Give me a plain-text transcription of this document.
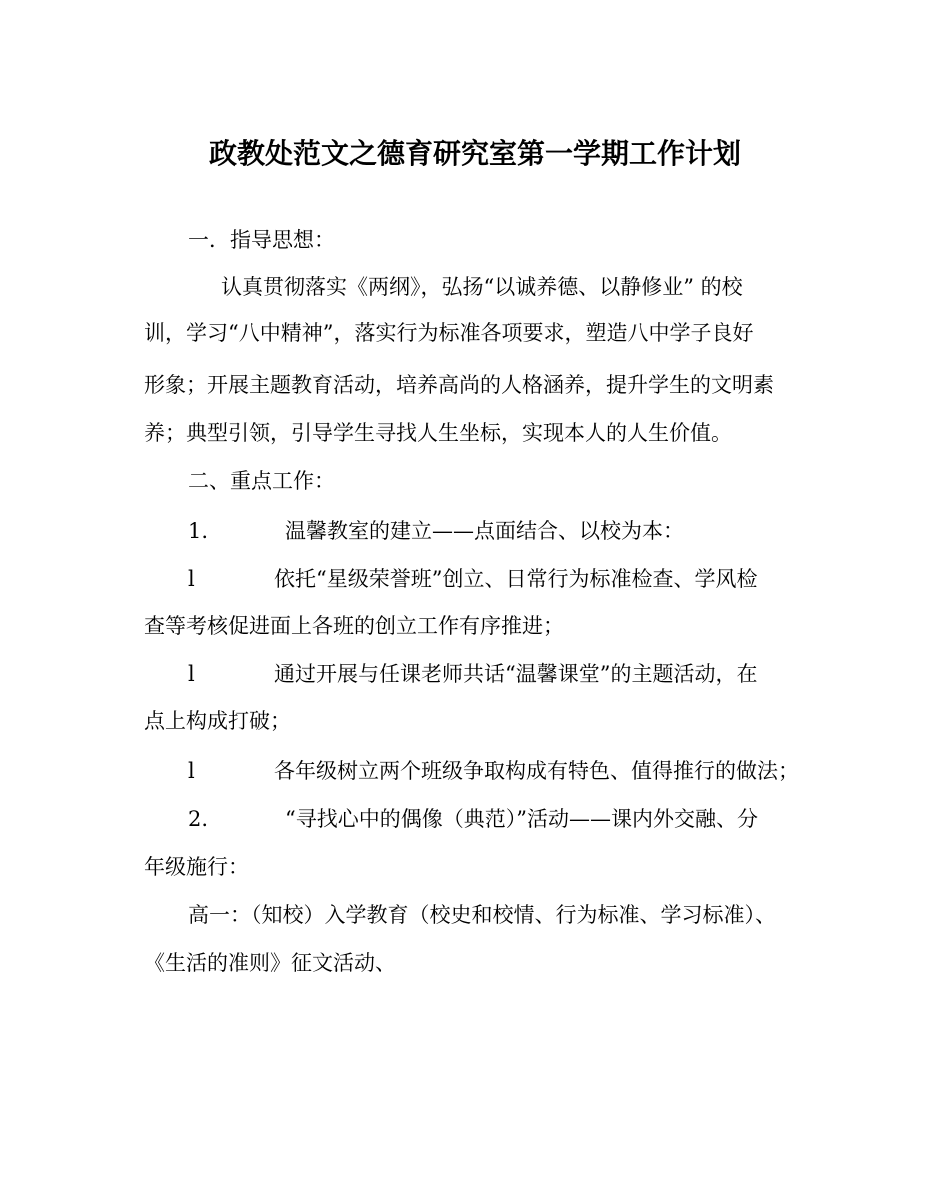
政教处范文之德育研究室第一学期工作计划
一．指导思想：
认真贯彻落实《两纲》，弘扬“以诚养德、以静修业” 的校
训，学习“八中精神”，落实行为标准各项要求，塑造八中学子良好
形象；开展主题教育活动，培养高尚的人格涵养，提升学生的文明素
养；典型引领，引导学生寻找人生坐标，实现本人的人生价值。
二、重点工作：
1.	温馨教室的建立——点面结合、以校为本：
l	依托“星级荣誉班”创立、日常行为标准检查、学风检
查等考核促进面上各班的创立工作有序推进；
l	通过开展与任课老师共话“温馨课堂”的主题活动，在
点上构成打破；
l	各年级树立两个班级争取构成有特色、值得推行的做法；
2.	“寻找心中的偶像（典范）”活动——课内外交融、分
年级施行：
高一：（知校）入学教育（校史和校情、行为标准、学习标准）、
《生活的准则》征文活动、
